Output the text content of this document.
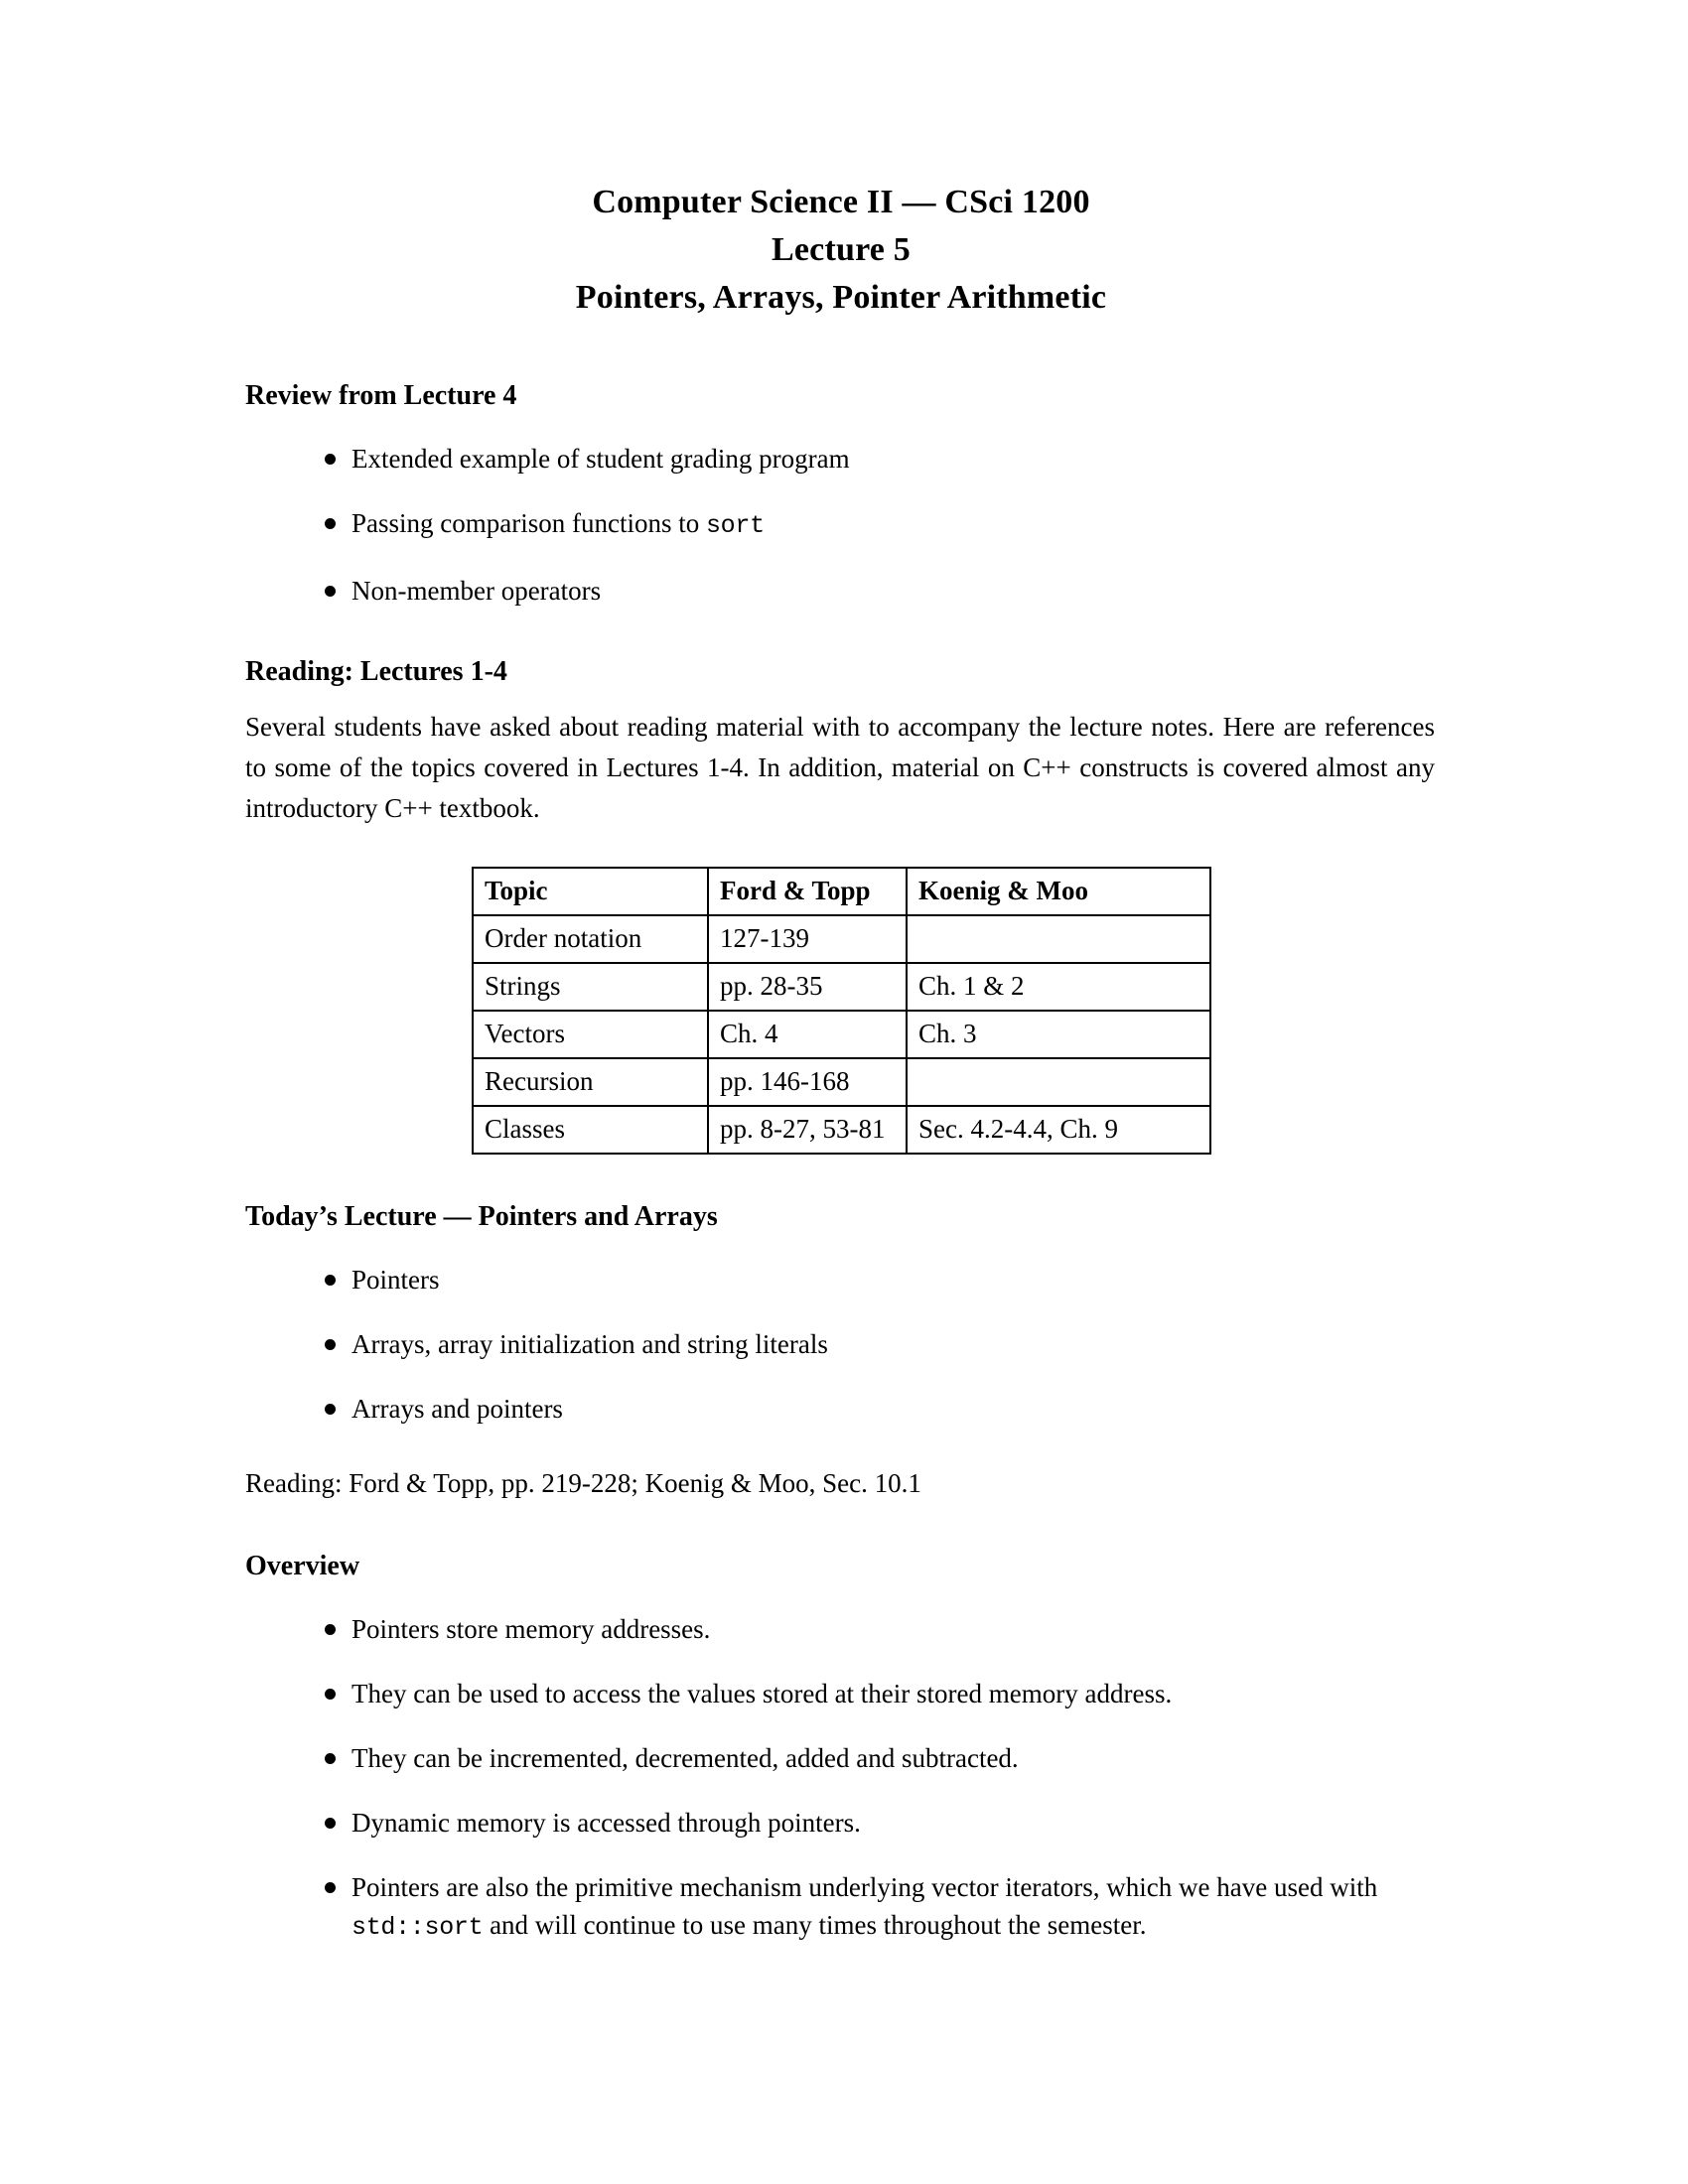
Computer Science II — CSci 1200
Lecture 5
Pointers, Arrays, Pointer Arithmetic
Review from Lecture 4
Extended example of student grading program
Passing comparison functions to sort
Non-member operators
Reading: Lectures 1-4

Several students have asked about reading material with to accompany the lecture notes. Here are references to some of the topics covered in Lectures 1-4. In addition, material on C++ constructs is covered almost any introductory C++ textbook.

Topic	Ford & Topp	Koenig & Moo
Order notation	127-139	
Strings	pp. 28-35	Ch. 1 & 2
Vectors	Ch. 4	Ch. 3
Recursion	pp. 146-168	
Classes	pp. 8-27, 53-81	Sec. 4.2-4.4, Ch. 9
Today’s Lecture — Pointers and Arrays
Pointers
Arrays, array initialization and string literals
Arrays and pointers

Reading: Ford & Topp, pp. 219-228; Koenig & Moo, Sec. 10.1

Overview
Pointers store memory addresses.
They can be used to access the values stored at their stored memory address.
They can be incremented, decremented, added and subtracted.
Dynamic memory is accessed through pointers.
Pointers are also the primitive mechanism underlying vector iterators, which we have used with std::sort and will continue to use many times throughout the semester.
